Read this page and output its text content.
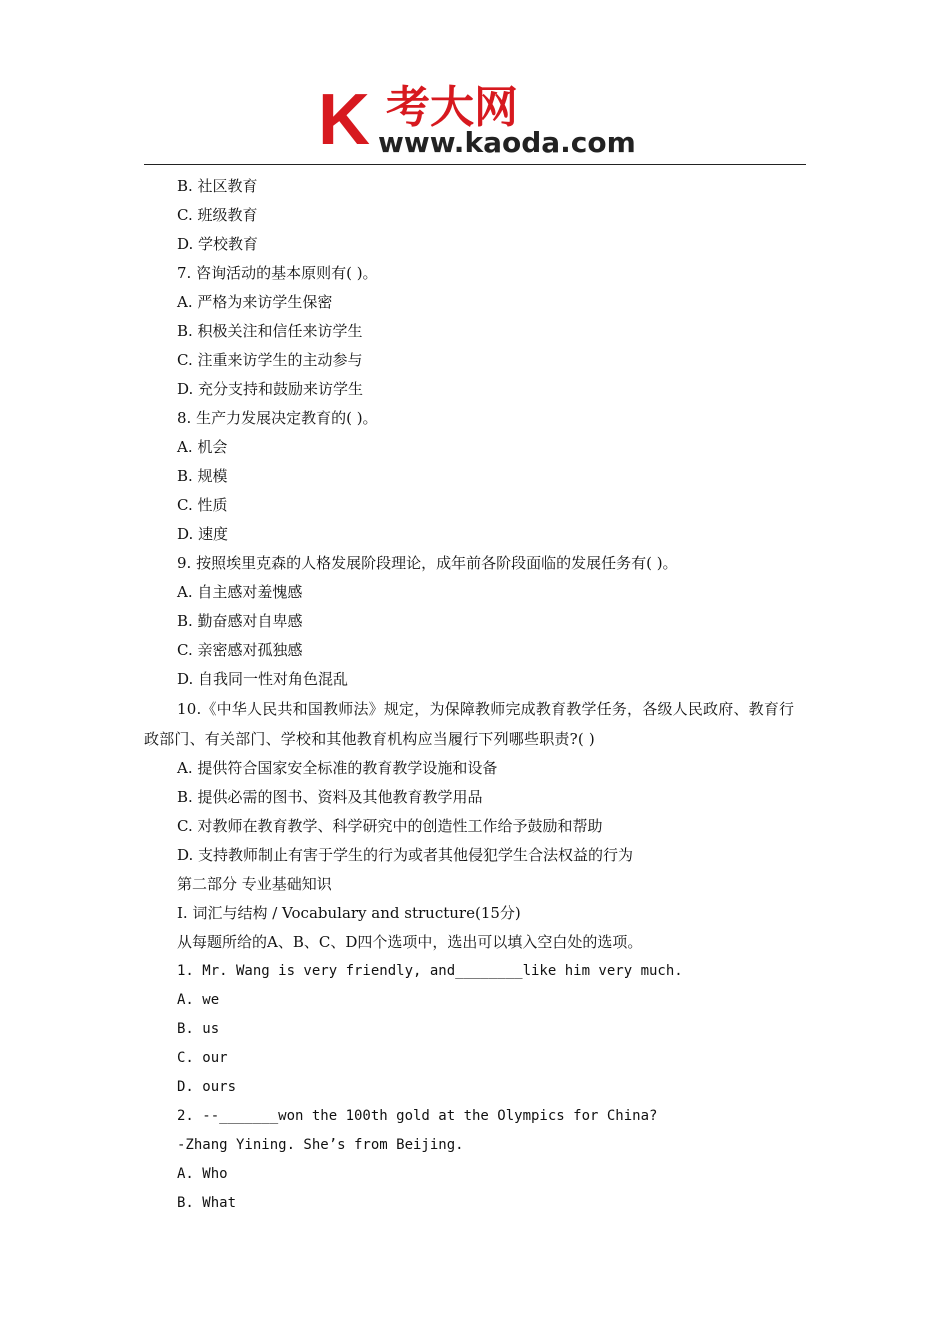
K 考大网
www.kaoda.com
B. 社区教育
C. 班级教育
D. 学校教育
7. 咨询活动的基本原则有( )。
A. 严格为来访学生保密
B. 积极关注和信任来访学生
C. 注重来访学生的主动参与
D. 充分支持和鼓励来访学生
8. 生产力发展决定教育的( )。
A. 机会
B. 规模
C. 性质
D. 速度
9. 按照埃里克森的人格发展阶段理论，成年前各阶段面临的发展任务有( )。
A. 自主感对羞愧感
B. 勤奋感对自卑感
C. 亲密感对孤独感
D. 自我同一性对角色混乱
10.《中华人民共和国教师法》规定，为保障教师完成教育教学任务，各级人民政府、教育行政部门、有关部门、学校和其他教育机构应当履行下列哪些职责?( )
A. 提供符合国家安全标准的教育教学设施和设备
B. 提供必需的图书、资料及其他教育教学用品
C. 对教师在教育教学、科学研究中的创造性工作给予鼓励和帮助
D. 支持教师制止有害于学生的行为或者其他侵犯学生合法权益的行为
第二部分 专业基础知识
I. 词汇与结构 / Vocabulary and structure(15分)
从每题所给的A、B、C、D四个选项中，选出可以填入空白处的选项。
1. Mr. Wang is very friendly, and________like him very much.
A. we
B. us
C. our
D. ours
2. --_______won the 100th gold at the Olympics for China?
-Zhang Yining. She’s from Beijing.
A. Who
B. What
